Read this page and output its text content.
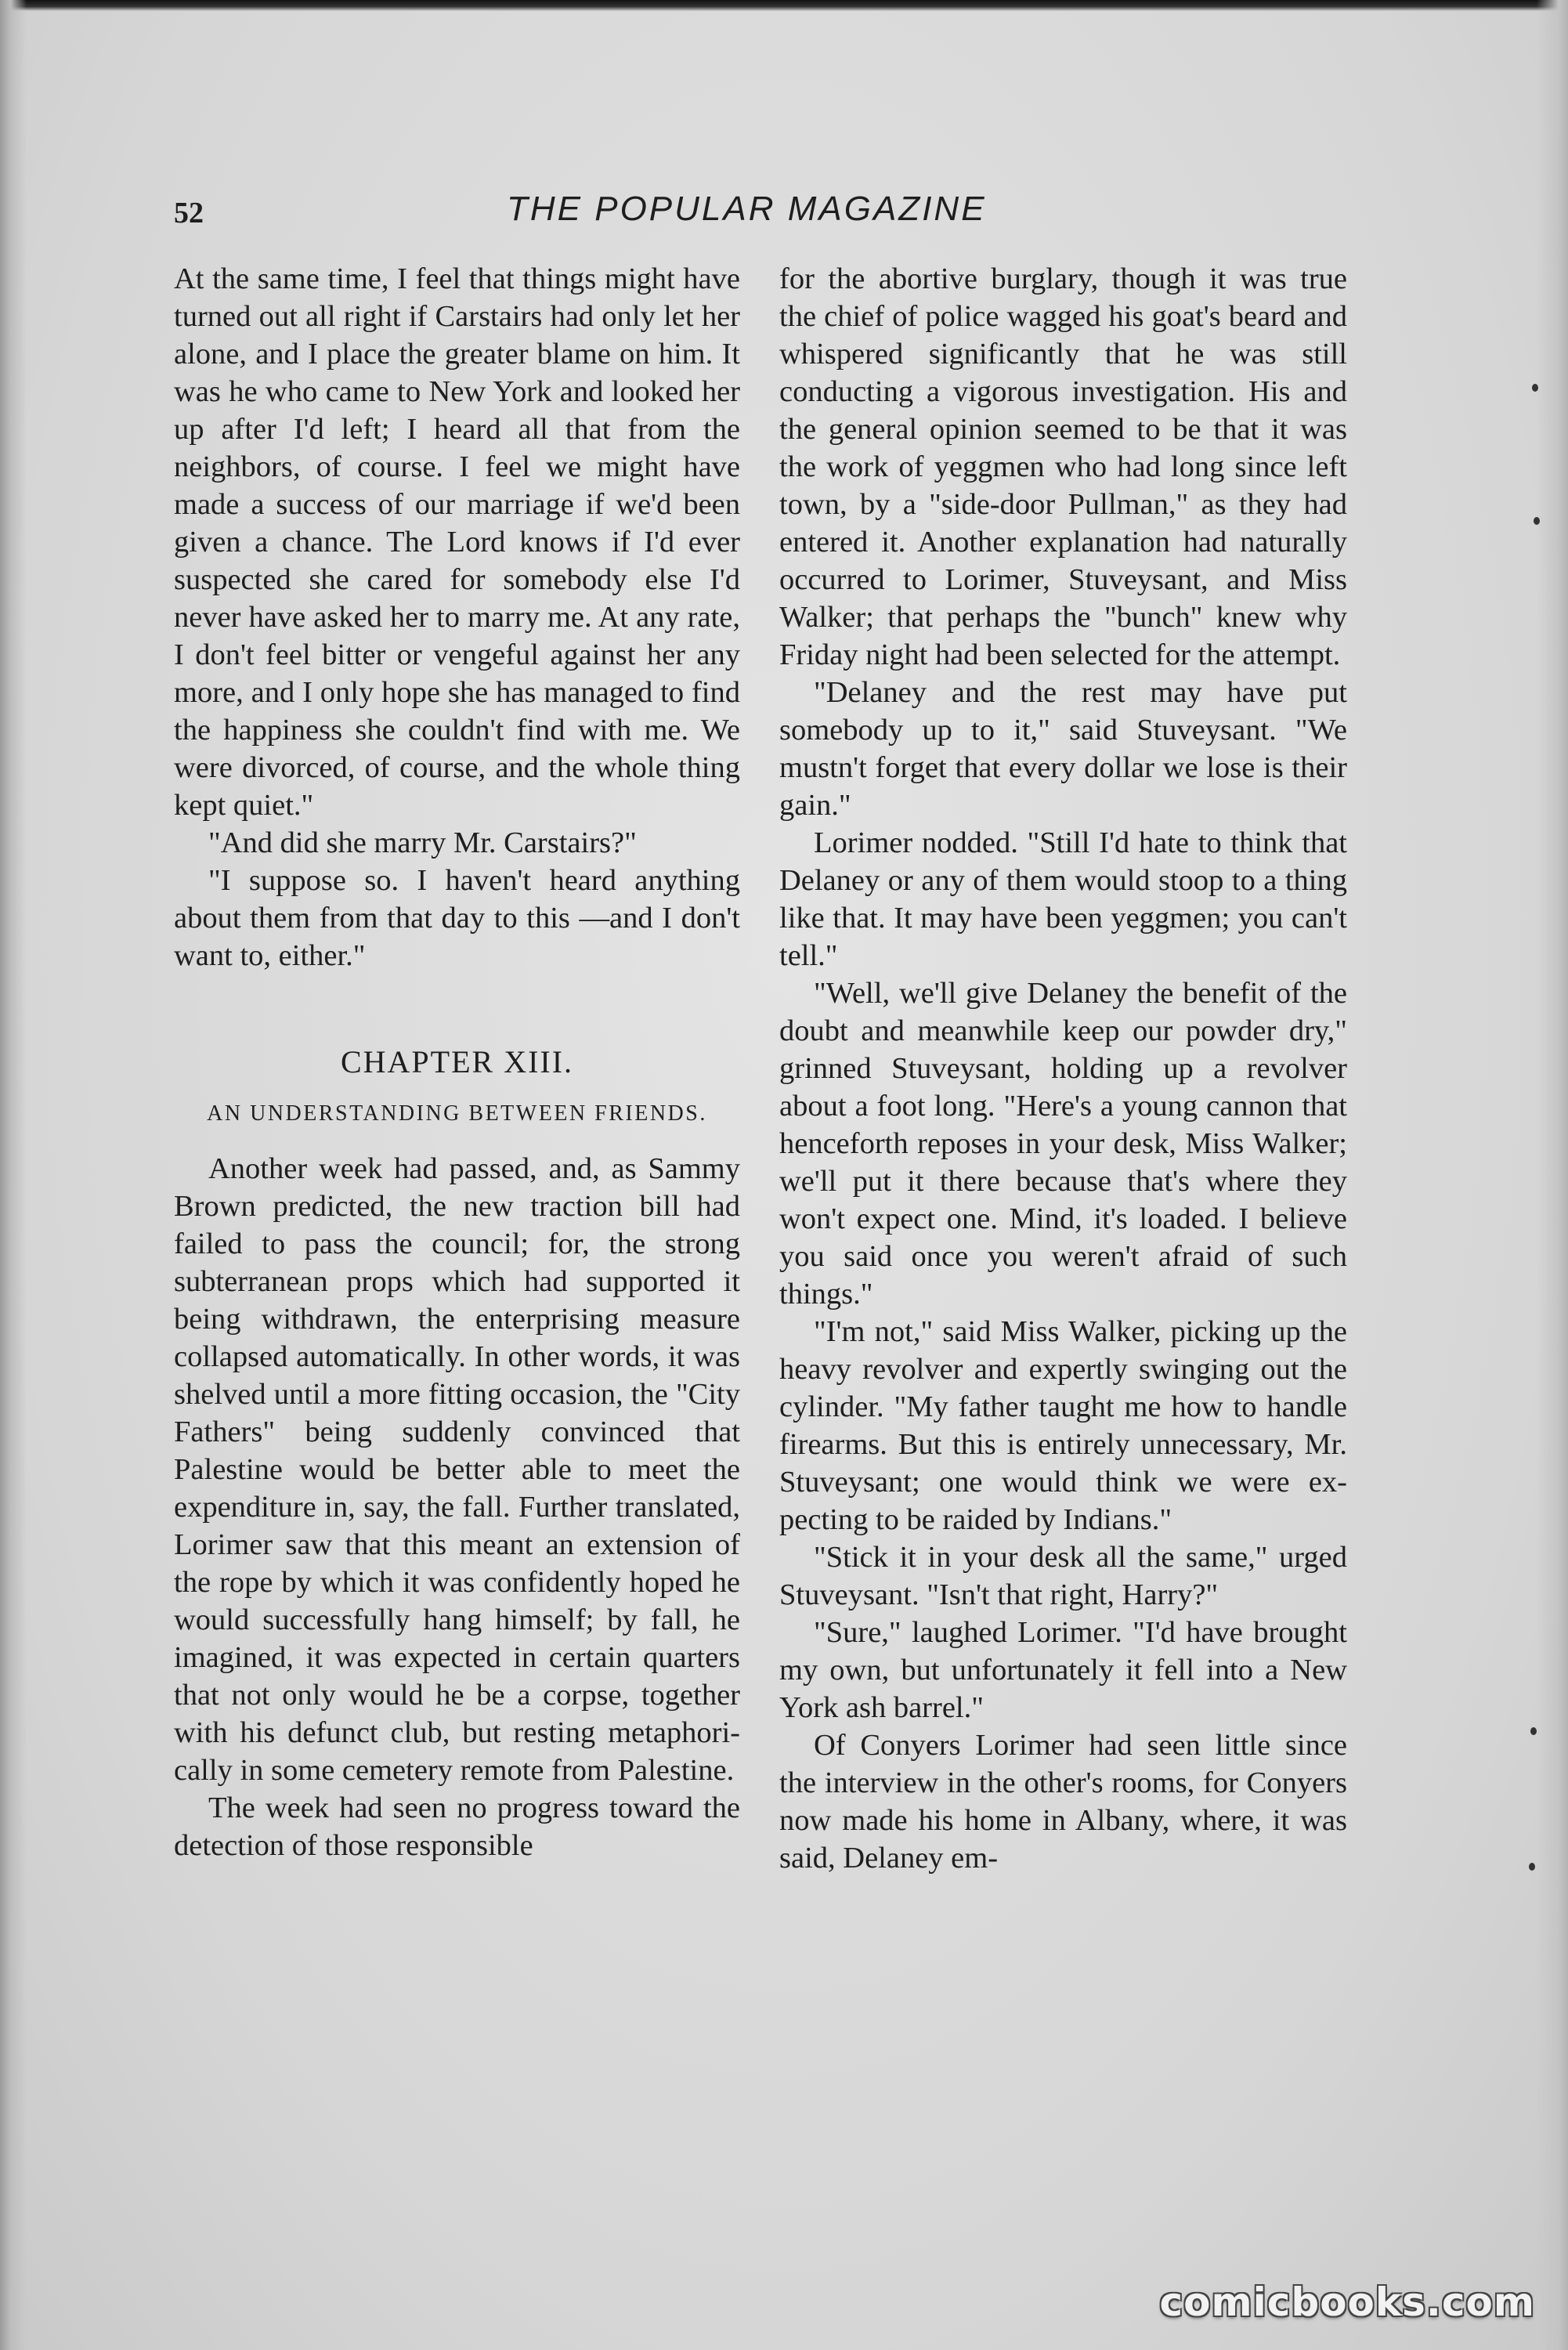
52	THE POPULAR MAGAZINE

At the same time, I feel that things might have turned out all right if Carstairs had only let her alone, and I place the greater blame on him. It was he who came to New York and looked her up after I'd left; I heard all that from the neighbors, of course. I feel we might have made a success of our marriage if we'd been given a chance. The Lord knows if I'd ever suspected she cared for somebody else I'd never have asked her to marry me. At any rate, I don't feel bitter or vengeful against her any more, and I only hope she has managed to find the happiness she couldn't find with me. We were divorced, of course, and the whole thing kept quiet."

"And did she marry Mr. Carstairs?"

"I suppose so. I haven't heard anything about them from that day to this —and I don't want to, either."

CHAPTER XIII.
AN UNDERSTANDING BETWEEN FRIENDS.

Another week had passed, and, as Sammy Brown predicted, the new traction bill had failed to pass the council; for, the strong subterranean props which had supported it being withdrawn, the enterprising measure collapsed automatically. In other words, it was shelved until a more fitting occasion, the "City Fathers" being suddenly convinced that Palestine would be better able to meet the expenditure in, say, the fall. Further translated, Lorimer saw that this meant an extension of the rope by which it was confidently hoped he would successfully hang himself; by fall, he imagined, it was expected in certain quarters that not only would he be a corpse, together with his defunct club, but resting metaphorically in some cemetery remote from Palestine.

The week had seen no progress toward the detection of those responsible

for the abortive burglary, though it was true the chief of police wagged his goat's beard and whispered significantly that he was still conducting a vigorous investigation. His and the general opinion seemed to be that it was the work of yeggmen who had long since left town, by a "side-door Pullman," as they had entered it. Another explanation had naturally occurred to Lorimer, Stuveysant, and Miss Walker; that perhaps the "bunch" knew why Friday night had been selected for the attempt.

"Delaney and the rest may have put somebody up to it," said Stuveysant. "We mustn't forget that every dollar we lose is their gain."

Lorimer nodded. "Still I'd hate to think that Delaney or any of them would stoop to a thing like that. It may have been yeggmen; you can't tell."

"Well, we'll give Delaney the benefit of the doubt and meanwhile keep our powder dry," grinned Stuveysant, holding up a revolver about a foot long. "Here's a young cannon that henceforth reposes in your desk, Miss Walker; we'll put it there because that's where they won't expect one. Mind, it's loaded. I believe you said once you weren't afraid of such things."

"I'm not," said Miss Walker, picking up the heavy revolver and expertly swinging out the cylinder. "My father taught me how to handle firearms. But this is entirely unnecessary, Mr. Stuveysant; one would think we were expecting to be raided by Indians."

"Stick it in your desk all the same," urged Stuveysant. "Isn't that right, Harry?"

"Sure," laughed Lorimer. "I'd have brought my own, but unfortunately it fell into a New York ash barrel."

Of Conyers Lorimer had seen little since the interview in the other's rooms, for Conyers now made his home in Albany, where, it was said, Delaney em-

comicbooks.com
